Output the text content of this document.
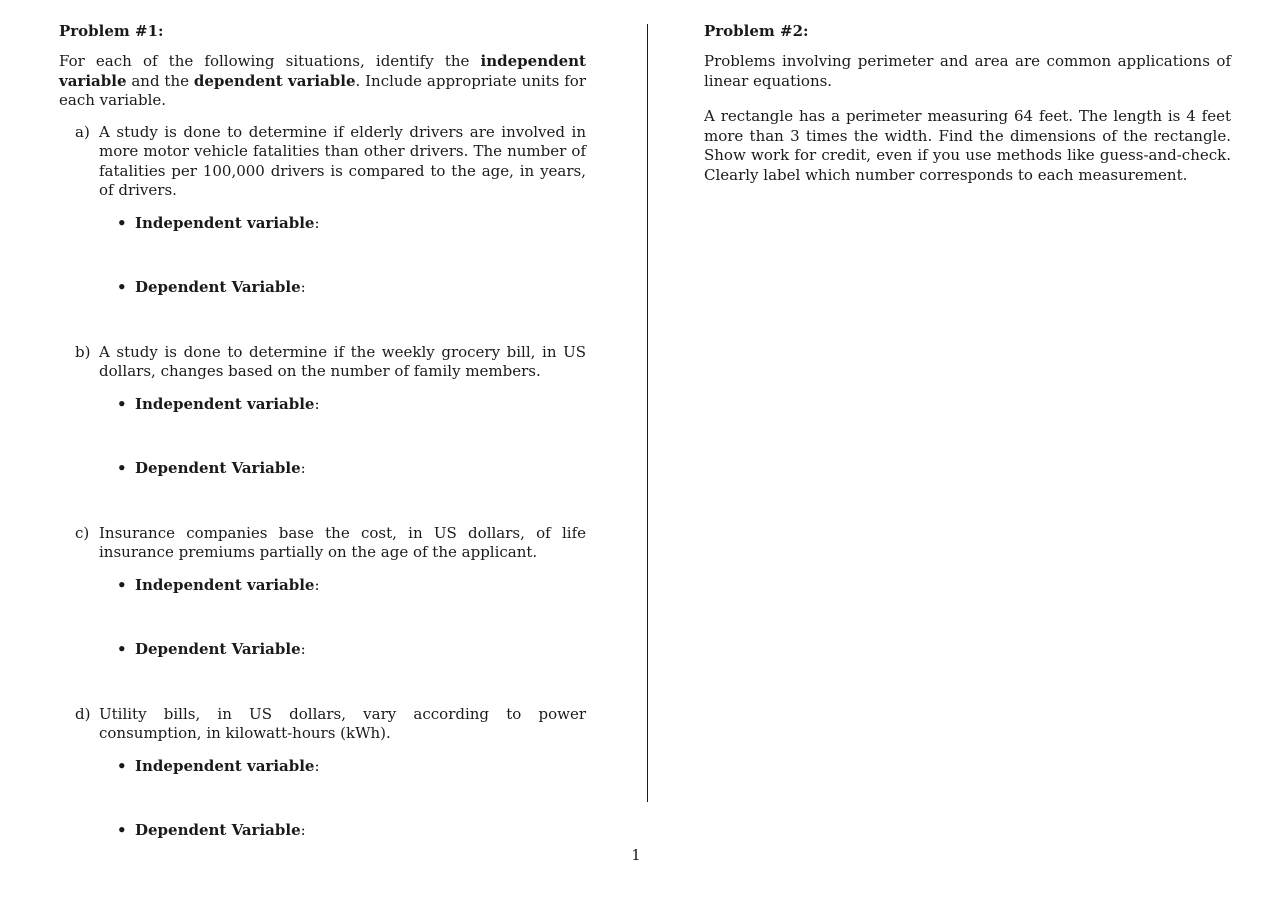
Problem #1:

For each of the following situations, identify the independent variable and the dependent variable. Include appropriate units for each variable.

a) A study is done to determine if elderly drivers are involved in more motor vehicle fatalities than other drivers. The number of fatalities per 100,000 drivers is compared to the age, in years, of drivers.

• Independent variable:
• Dependent Variable:
b) A study is done to determine if the weekly grocery bill, in US dollars, changes based on the number of family members.

• Independent variable:
• Dependent Variable:
c) Insurance companies base the cost, in US dollars, of life insurance premiums partially on the age of the applicant.

• Independent variable:
• Dependent Variable:
d) Utility bills, in US dollars, vary according to power consumption, in kilowatt-hours (kWh).

• Independent variable:
• Dependent Variable:
Problem #2:

Problems involving perimeter and area are common applications of linear equations.

A rectangle has a perimeter measuring 64 feet. The length is 4 feet more than 3 times the width. Find the dimensions of the rectangle. Show work for credit, even if you use methods like guess-and-check. Clearly label which number corresponds to each measurement.

1
